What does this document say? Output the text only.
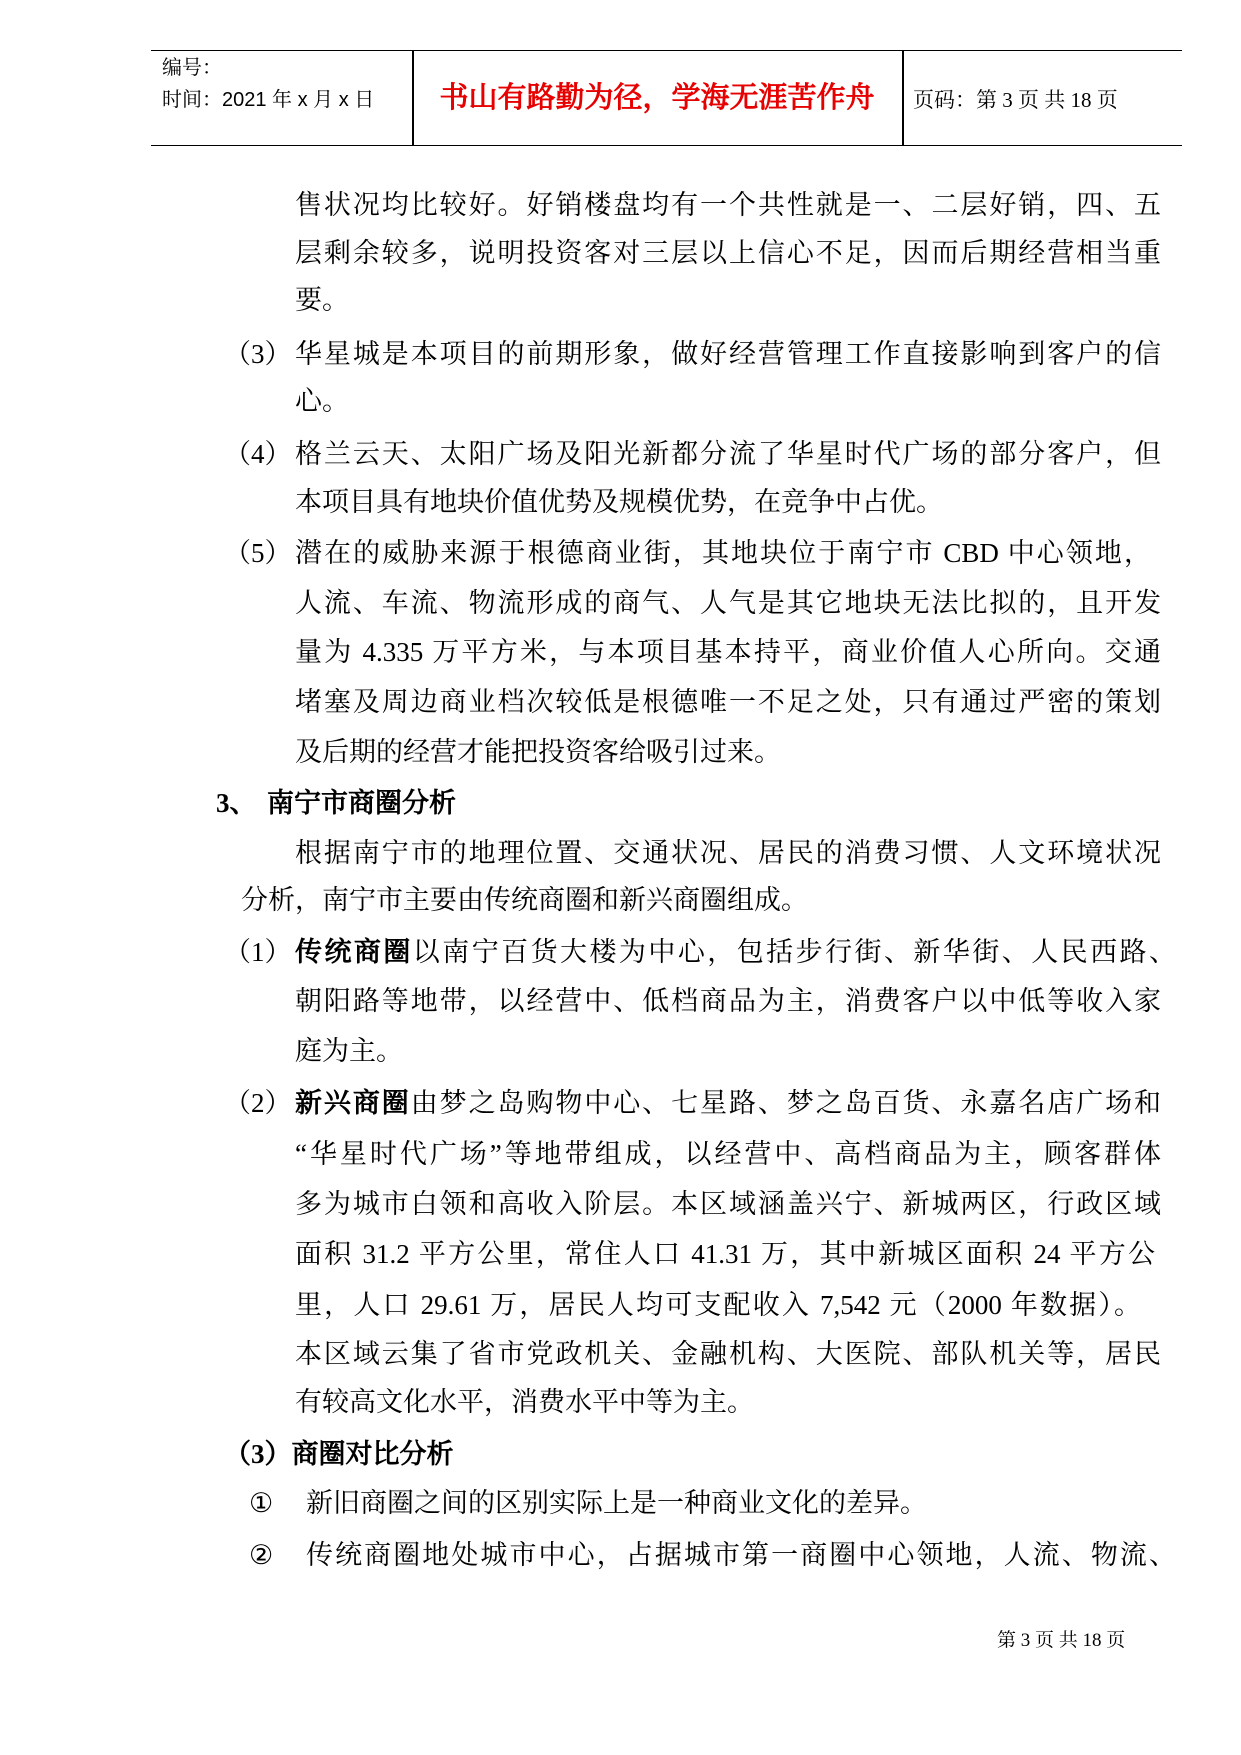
编号：
时间：2021 年 x 月 x 日	书山有路勤为径，学海无涯苦作舟	页码：第 3 页 共 18 页
售状况均比较好。好销楼盘均有一个共性就是一、二层好销，四、五
层剩余较多，说明投资客对三层以上信心不足，因而后期经营相当重
要。
（3） 华星城是本项目的前期形象，做好经营管理工作直接影响到客户的信
心。
（4） 格兰云天、太阳广场及阳光新都分流了华星时代广场的部分客户，但
本项目具有地块价值优势及规模优势，在竞争中占优。
（5） 潜在的威胁来源于根德商业街，其地块位于南宁市 CBD 中心领地，
人流、车流、物流形成的商气、人气是其它地块无法比拟的，且开发
量为 4.335 万平方米，与本项目基本持平，商业价值人心所向。交通
堵塞及周边商业档次较低是根德唯一不足之处，只有通过严密的策划
及后期的经营才能把投资客给吸引过来。
3、 南宁市商圈分析
根据南宁市的地理位置、交通状况、居民的消费习惯、人文环境状况
分析，南宁市主要由传统商圈和新兴商圈组成。
（1） 传统商圈以南宁百货大楼为中心，包括步行街、新华街、人民西路、
朝阳路等地带，以经营中、低档商品为主，消费客户以中低等收入家
庭为主。
（2） 新兴商圈由梦之岛购物中心、七星路、梦之岛百货、永嘉名店广场和
“华星时代广场”等地带组成，以经营中、高档商品为主，顾客群体
多为城市白领和高收入阶层。本区域涵盖兴宁、新城两区，行政区域
面积 31.2 平方公里，常住人口 41.31 万，其中新城区面积 24 平方公
里，人口 29.61 万，居民人均可支配收入 7,542 元（2000 年数据）。
本区域云集了省市党政机关、金融机构、大医院、部队机关等，居民
有较高文化水平，消费水平中等为主。
（3）商圈对比分析
① 新旧商圈之间的区别实际上是一种商业文化的差异。
② 传统商圈地处城市中心，占据城市第一商圈中心领地，人流、物流、
第 3 页 共 18 页
